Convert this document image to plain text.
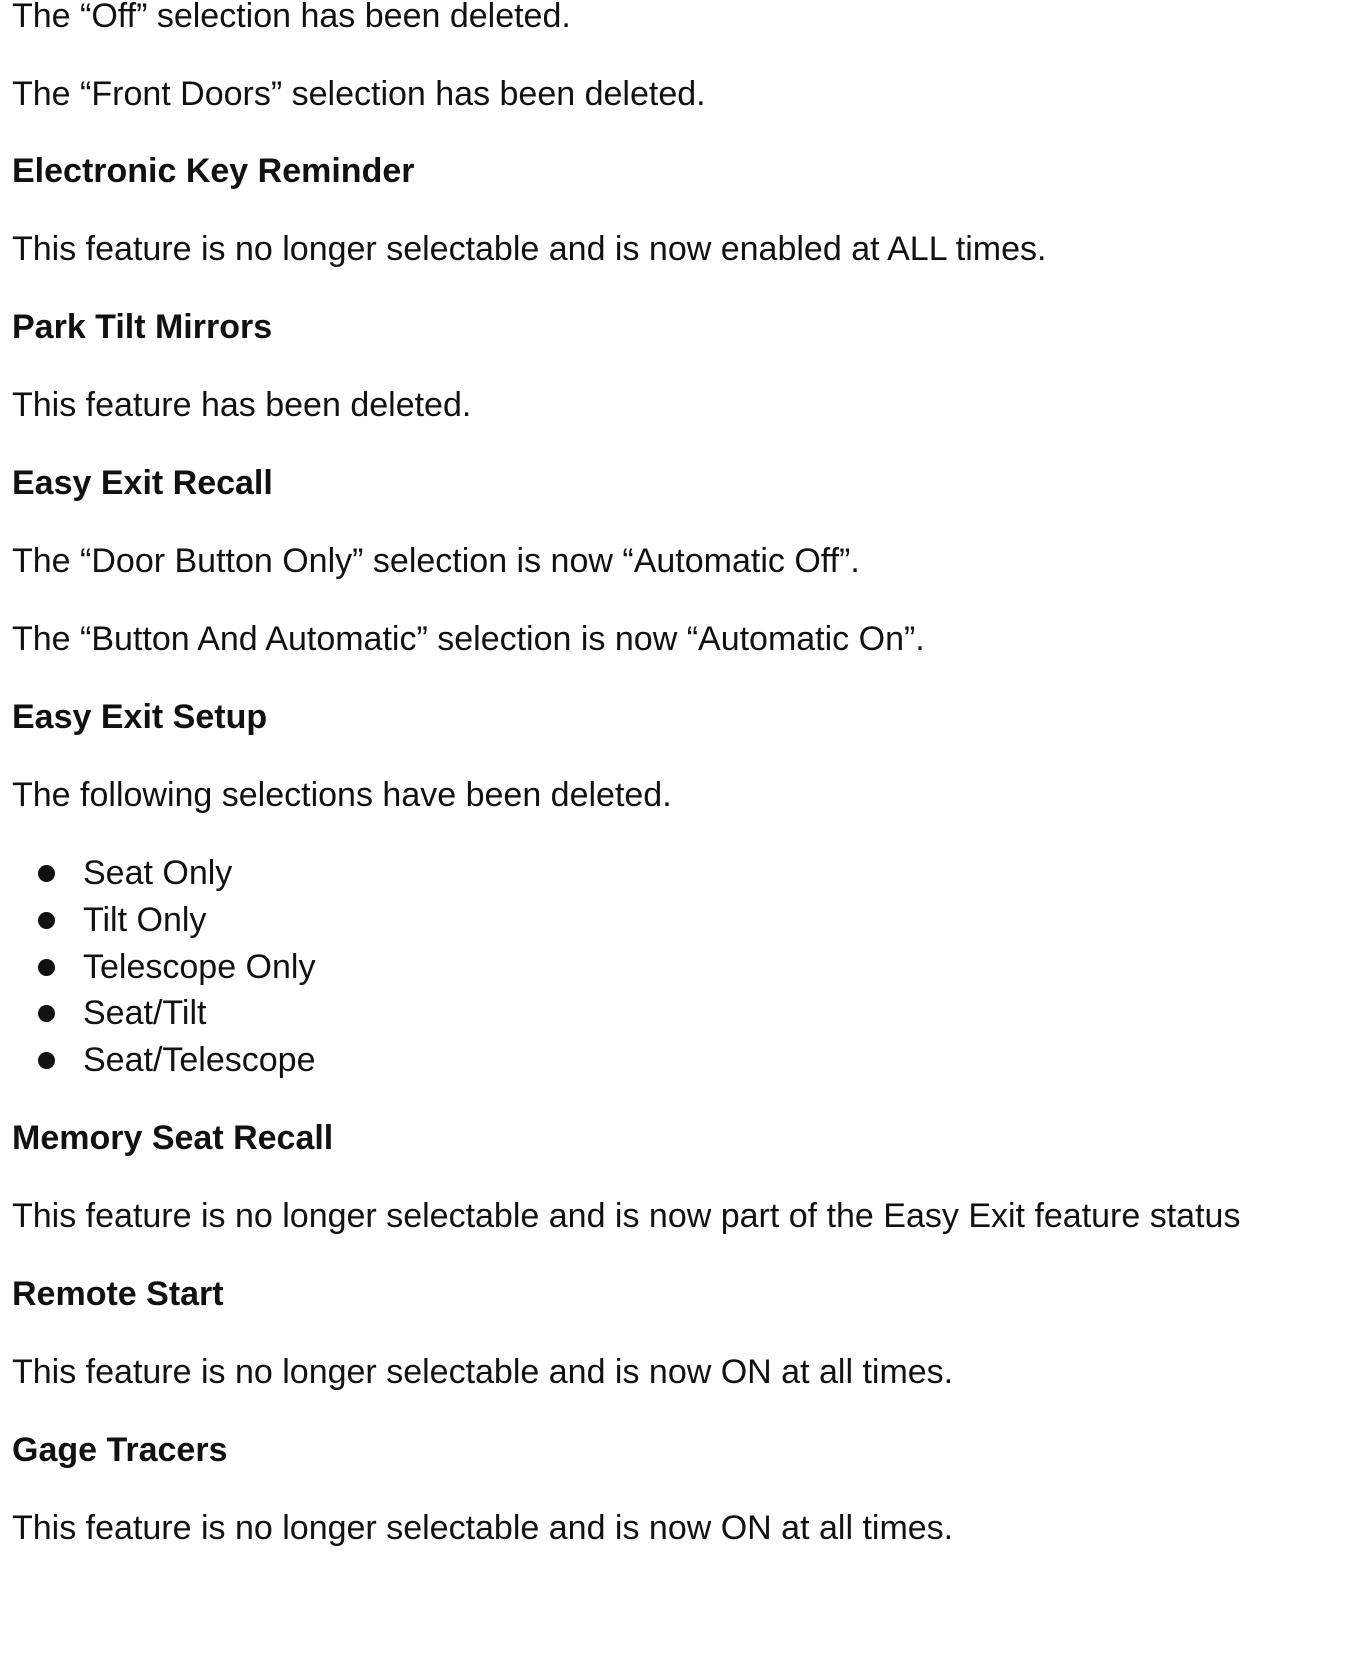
The “Off” selection has been deleted.
The “Front Doors” selection has been deleted.
Electronic Key Reminder
This feature is no longer selectable and is now enabled at ALL times.
Park Tilt Mirrors
This feature has been deleted.
Easy Exit Recall
The “Door Button Only” selection is now “Automatic Off”.
The “Button And Automatic” selection is now “Automatic On”.
Easy Exit Setup
The following selections have been deleted.
Seat Only
Tilt Only
Telescope Only
Seat/Tilt
Seat/Telescope
Memory Seat Recall
This feature is no longer selectable and is now part of the Easy Exit feature status
Remote Start
This feature is no longer selectable and is now ON at all times.
Gage Tracers
This feature is no longer selectable and is now ON at all times.
